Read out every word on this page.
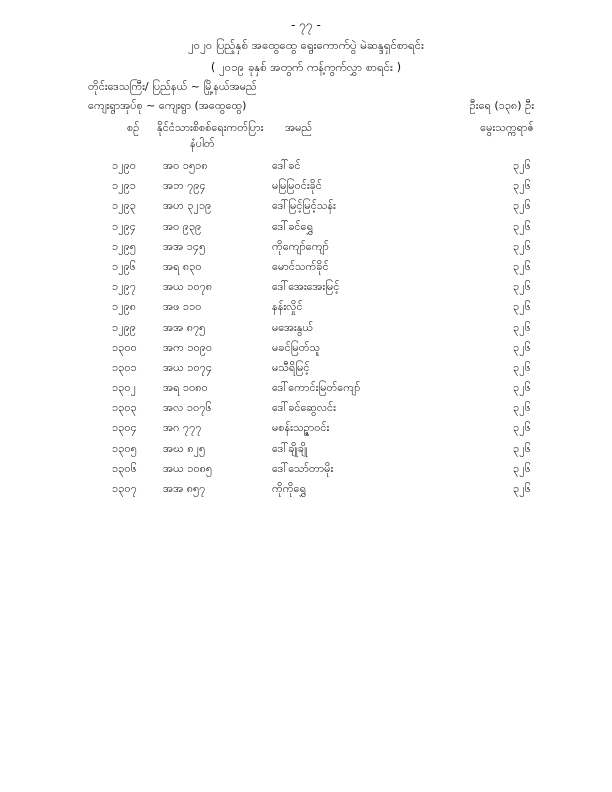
- ၇၇ -
၂၀၂၀ ပြည့်နှစ် အထွေထွေ ရွေးကောက်ပွဲ မဲဆန္ဒရှင်စာရင်း
( ၂၀၁၉ ခုနှစ် အတွက် ကန့်ကွက်လွှာ စာရင်း )
တိုင်းဒေသကြီး/ ပြည်နယ် ~ မြို့နယ်အမည်
ကျေးရွာအုပ်စု ~ ကျေးရွာ (အထွေထွေ)	ဦးရေ (၁၃၈) ဦး
စဉ် နိုင်ငံသားစိစစ်ရေးကတ်ပြား
နံပါတ်
အမည်	မွေးသက္ကရာဇ်
၁၂၉၀ အဝ ၁၅၁၈	ဒေါ်ခင်	၃၂၆
၁၂၉၁ အဘ ၇၉၄	မမြမြဝင်းခိုင်	၃၂၆
၁၂၉၃ အဟ ၃၂၁၉	ဒေါ်မြင့်မြင့်သန်း	၃၂၆
၁၂၉၄ အဝ ၉၃၉	ဒေါ်ခင်ရွှေ	၃၂၆
၁၂၉၅ အအ ၁၄၅	ကိုကျော်ကျော်	၃၂၆
၁၂၉၆ အရ ၈၃၀	မောင်သက်ခိုင်	၃၂၆
၁၂၉၇ အယ ၁၀၇၈	ဒေါ်အေးအေးမြင့်	၃၂၆
၁၂၉၈ အဖ ၁၁၀	နန်းလှိုင်	၃၂၆
၁၂၉၉ အအ ၈၇၅	မအေးနွယ်	၃၂၆
၁၃၀၀ အက ၁၀၉၀	မခင်မြတ်သူ	၃၂၆
၁၃၀၁ အယ ၁၀၇၄	မသီရိမြင့်	၃၂၆
၁၃၀၂ အရ ၁၀၈၀	ဒေါ်ကောင်းမြတ်ကျော်	၃၂၆
၁၃၀၃ အလ ၁၀၇၆	ဒေါ်ခင်ဆွေလင်း	၃၂၆
၁၃၀၄ အဂ ၇၇၇	မစန်းသဉ္ဇာဝင်း	၃၂၆
၁၃၀၅ အဃ ၈၂၅	ဒေါ်ချိုချို	၃၂၆
၁၃၀၆ အယ ၁၀၈၅	ဒေါ်သော်တာမိုး	၃၂၆
၁၃၀၇ အအ ၈၅၇	ကိုကိုရွှေ	၃၂၆
